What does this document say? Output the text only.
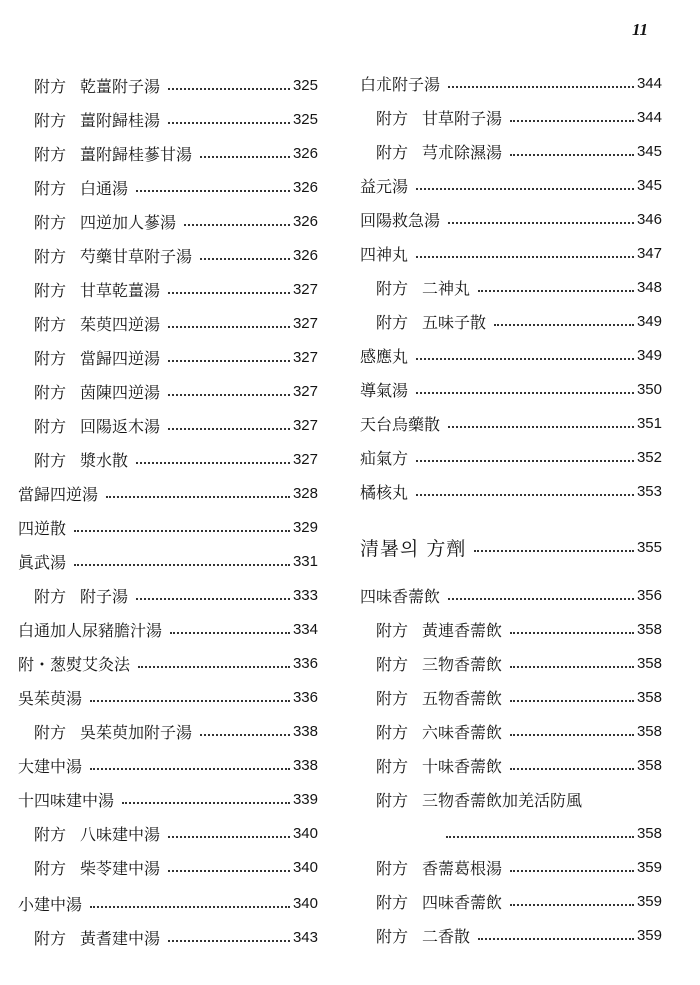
11
附方 乾薑附子湯	325
附方 薑附歸桂湯	325
附方 薑附歸桂蔘甘湯	326
附方 白通湯	326
附方 四逆加人蔘湯	326
附方 芍藥甘草附子湯	326
附方 甘草乾薑湯	327
附方 茱萸四逆湯	327
附方 當歸四逆湯	327
附方 茵陳四逆湯	327
附方 回陽返木湯	327
附方 漿水散	327
當歸四逆湯	328
四逆散	329
眞武湯	331
附方 附子湯	333
白通加人尿豬膽汁湯	334
附・葱熨艾灸法	336
吳茱萸湯	336
附方 吳茱萸加附子湯	338
大建中湯	338
十四味建中湯	339
附方 八味建中湯	340
附方 柴苓建中湯	340
小建中湯	340
附方 黃耆建中湯	343
白朮附子湯	344
附方 甘草附子湯	344
附方 芎朮除濕湯	345
益元湯	345
回陽救急湯	346
四神丸	347
附方 二神丸	348
附方 五味子散	349
感應丸	349
導氣湯	350
天台烏藥散	351
疝氣方	352
橘核丸	353
清暑의 方劑	355
四味香薷飲	356
附方 黃連香薷飲	358
附方 三物香薷飲	358
附方 五物香薷飲	358
附方 六味香薷飲	358
附方 十味香薷飲	358
附方 三物香薷飲加羌活防風
358
附方 香薷葛根湯	359
附方 四味香薷飲	359
附方 二香散	359
